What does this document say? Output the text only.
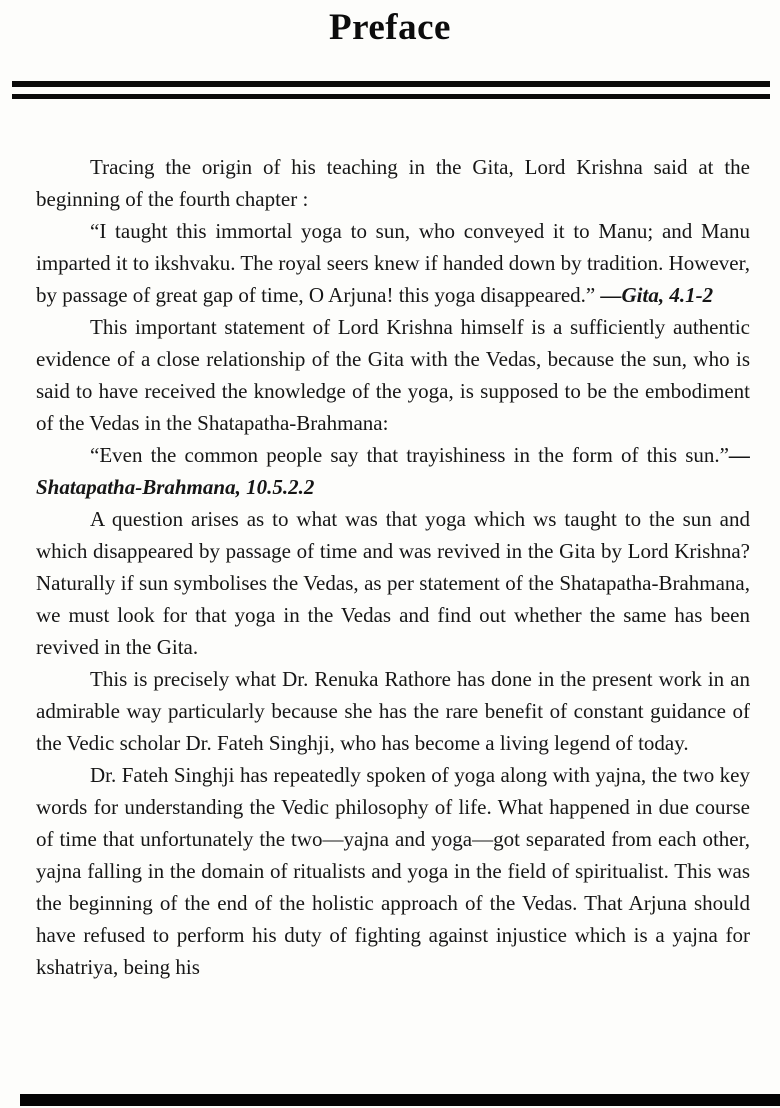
Preface

Tracing the origin of his teaching in the Gita, Lord Krishna said at the beginning of the fourth chapter :

“I taught this immortal yoga to sun, who conveyed it to Manu; and Manu imparted it to ikshvaku. The royal seers knew if handed down by tradition. However, by passage of great gap of time, O Arjuna! this yoga disappeared.” —Gita, 4.1-2

This important statement of Lord Krishna himself is a sufficiently authentic evidence of a close relationship of the Gita with the Vedas, because the sun, who is said to have received the knowledge of the yoga, is supposed to be the embodiment of the Vedas in the Shatapatha-Brahmana:

“Even the common people say that trayishiness in the form of this sun.”—Shatapatha-Brahmana, 10.5.2.2

A question arises as to what was that yoga which ws taught to the sun and which disappeared by passage of time and was revived in the Gita by Lord Krishna? Naturally if sun symbolises the Vedas, as per statement of the Shatapatha-Brahmana, we must look for that yoga in the Vedas and find out whether the same has been revived in the Gita.

This is precisely what Dr. Renuka Rathore has done in the present work in an admirable way particularly because she has the rare benefit of constant guidance of the Vedic scholar Dr. Fateh Singhji, who has become a living legend of today.

Dr. Fateh Singhji has repeatedly spoken of yoga along with yajna, the two key words for understanding the Vedic philosophy of life. What happened in due course of time that unfortunately the two—yajna and yoga—got separated from each other, yajna falling in the domain of ritualists and yoga in the field of spiritualist. This was the beginning of the end of the holistic approach of the Vedas. That Arjuna should have refused to perform his duty of fighting against injustice which is a yajna for kshatriya, being his
